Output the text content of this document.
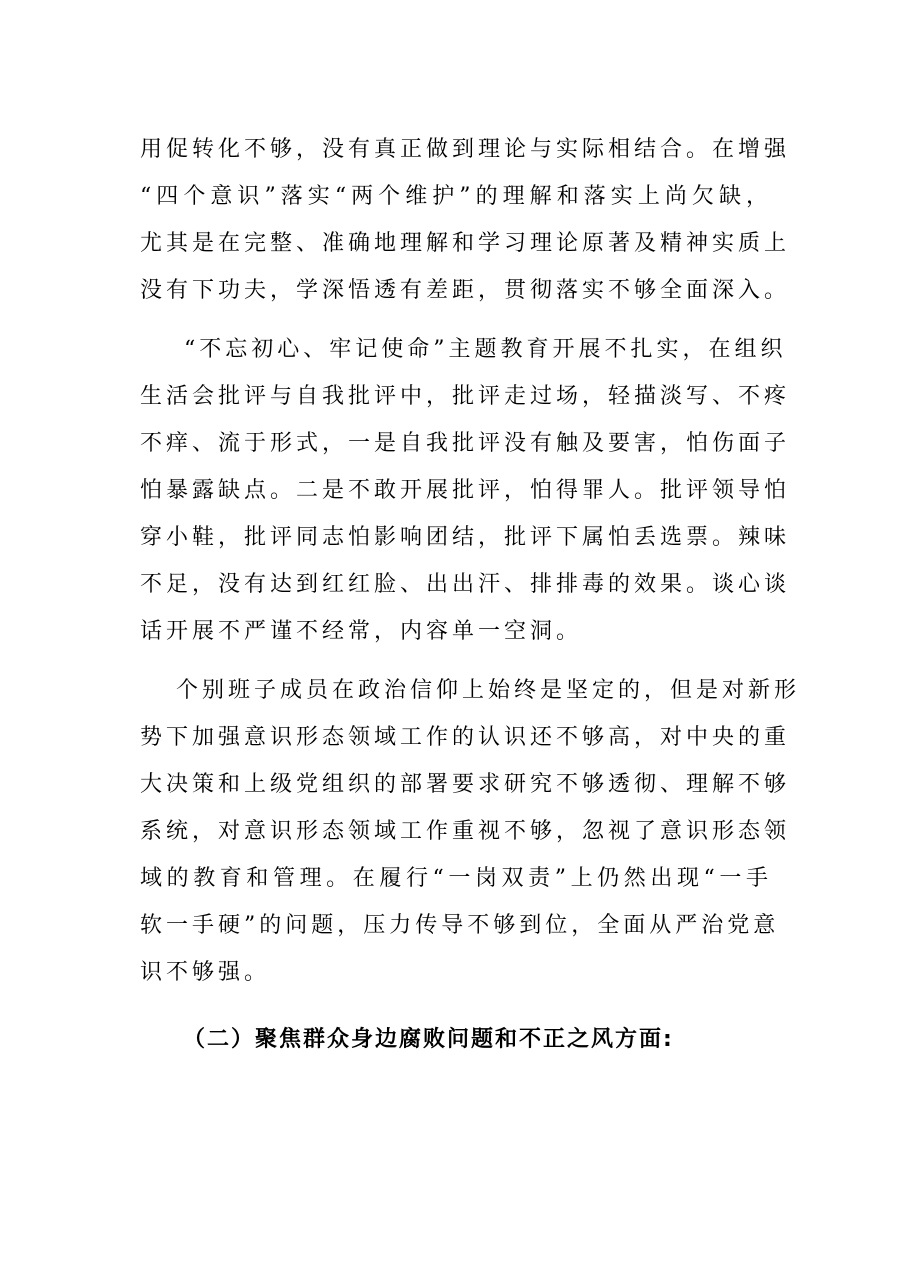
用促转化不够，没有真正做到理论与实际相结合。在增强
“四个意识”落实“两个维护”的理解和落实上尚欠缺，
尤其是在完整、准确地理解和学习理论原著及精神实质上
没有下功夫，学深悟透有差距，贯彻落实不够全面深入。
“不忘初心、牢记使命”主题教育开展不扎实，在组织
生活会批评与自我批评中，批评走过场，轻描淡写、不疼
不痒、流于形式，一是自我批评没有触及要害，怕伤面子
怕暴露缺点。二是不敢开展批评，怕得罪人。批评领导怕
穿小鞋，批评同志怕影响团结，批评下属怕丢选票。辣味
不足，没有达到红红脸、出出汗、排排毒的效果。谈心谈
话开展不严谨不经常，内容单一空洞。
个别班子成员在政治信仰上始终是坚定的，但是对新形
势下加强意识形态领域工作的认识还不够高，对中央的重
大决策和上级党组织的部署要求研究不够透彻、理解不够
系统，对意识形态领域工作重视不够，忽视了意识形态领
域的教育和管理。在履行“一岗双责”上仍然出现“一手
软一手硬”的问题，压力传导不够到位，全面从严治党意
识不够强。
（二）聚焦群众身边腐败问题和不正之风方面:
